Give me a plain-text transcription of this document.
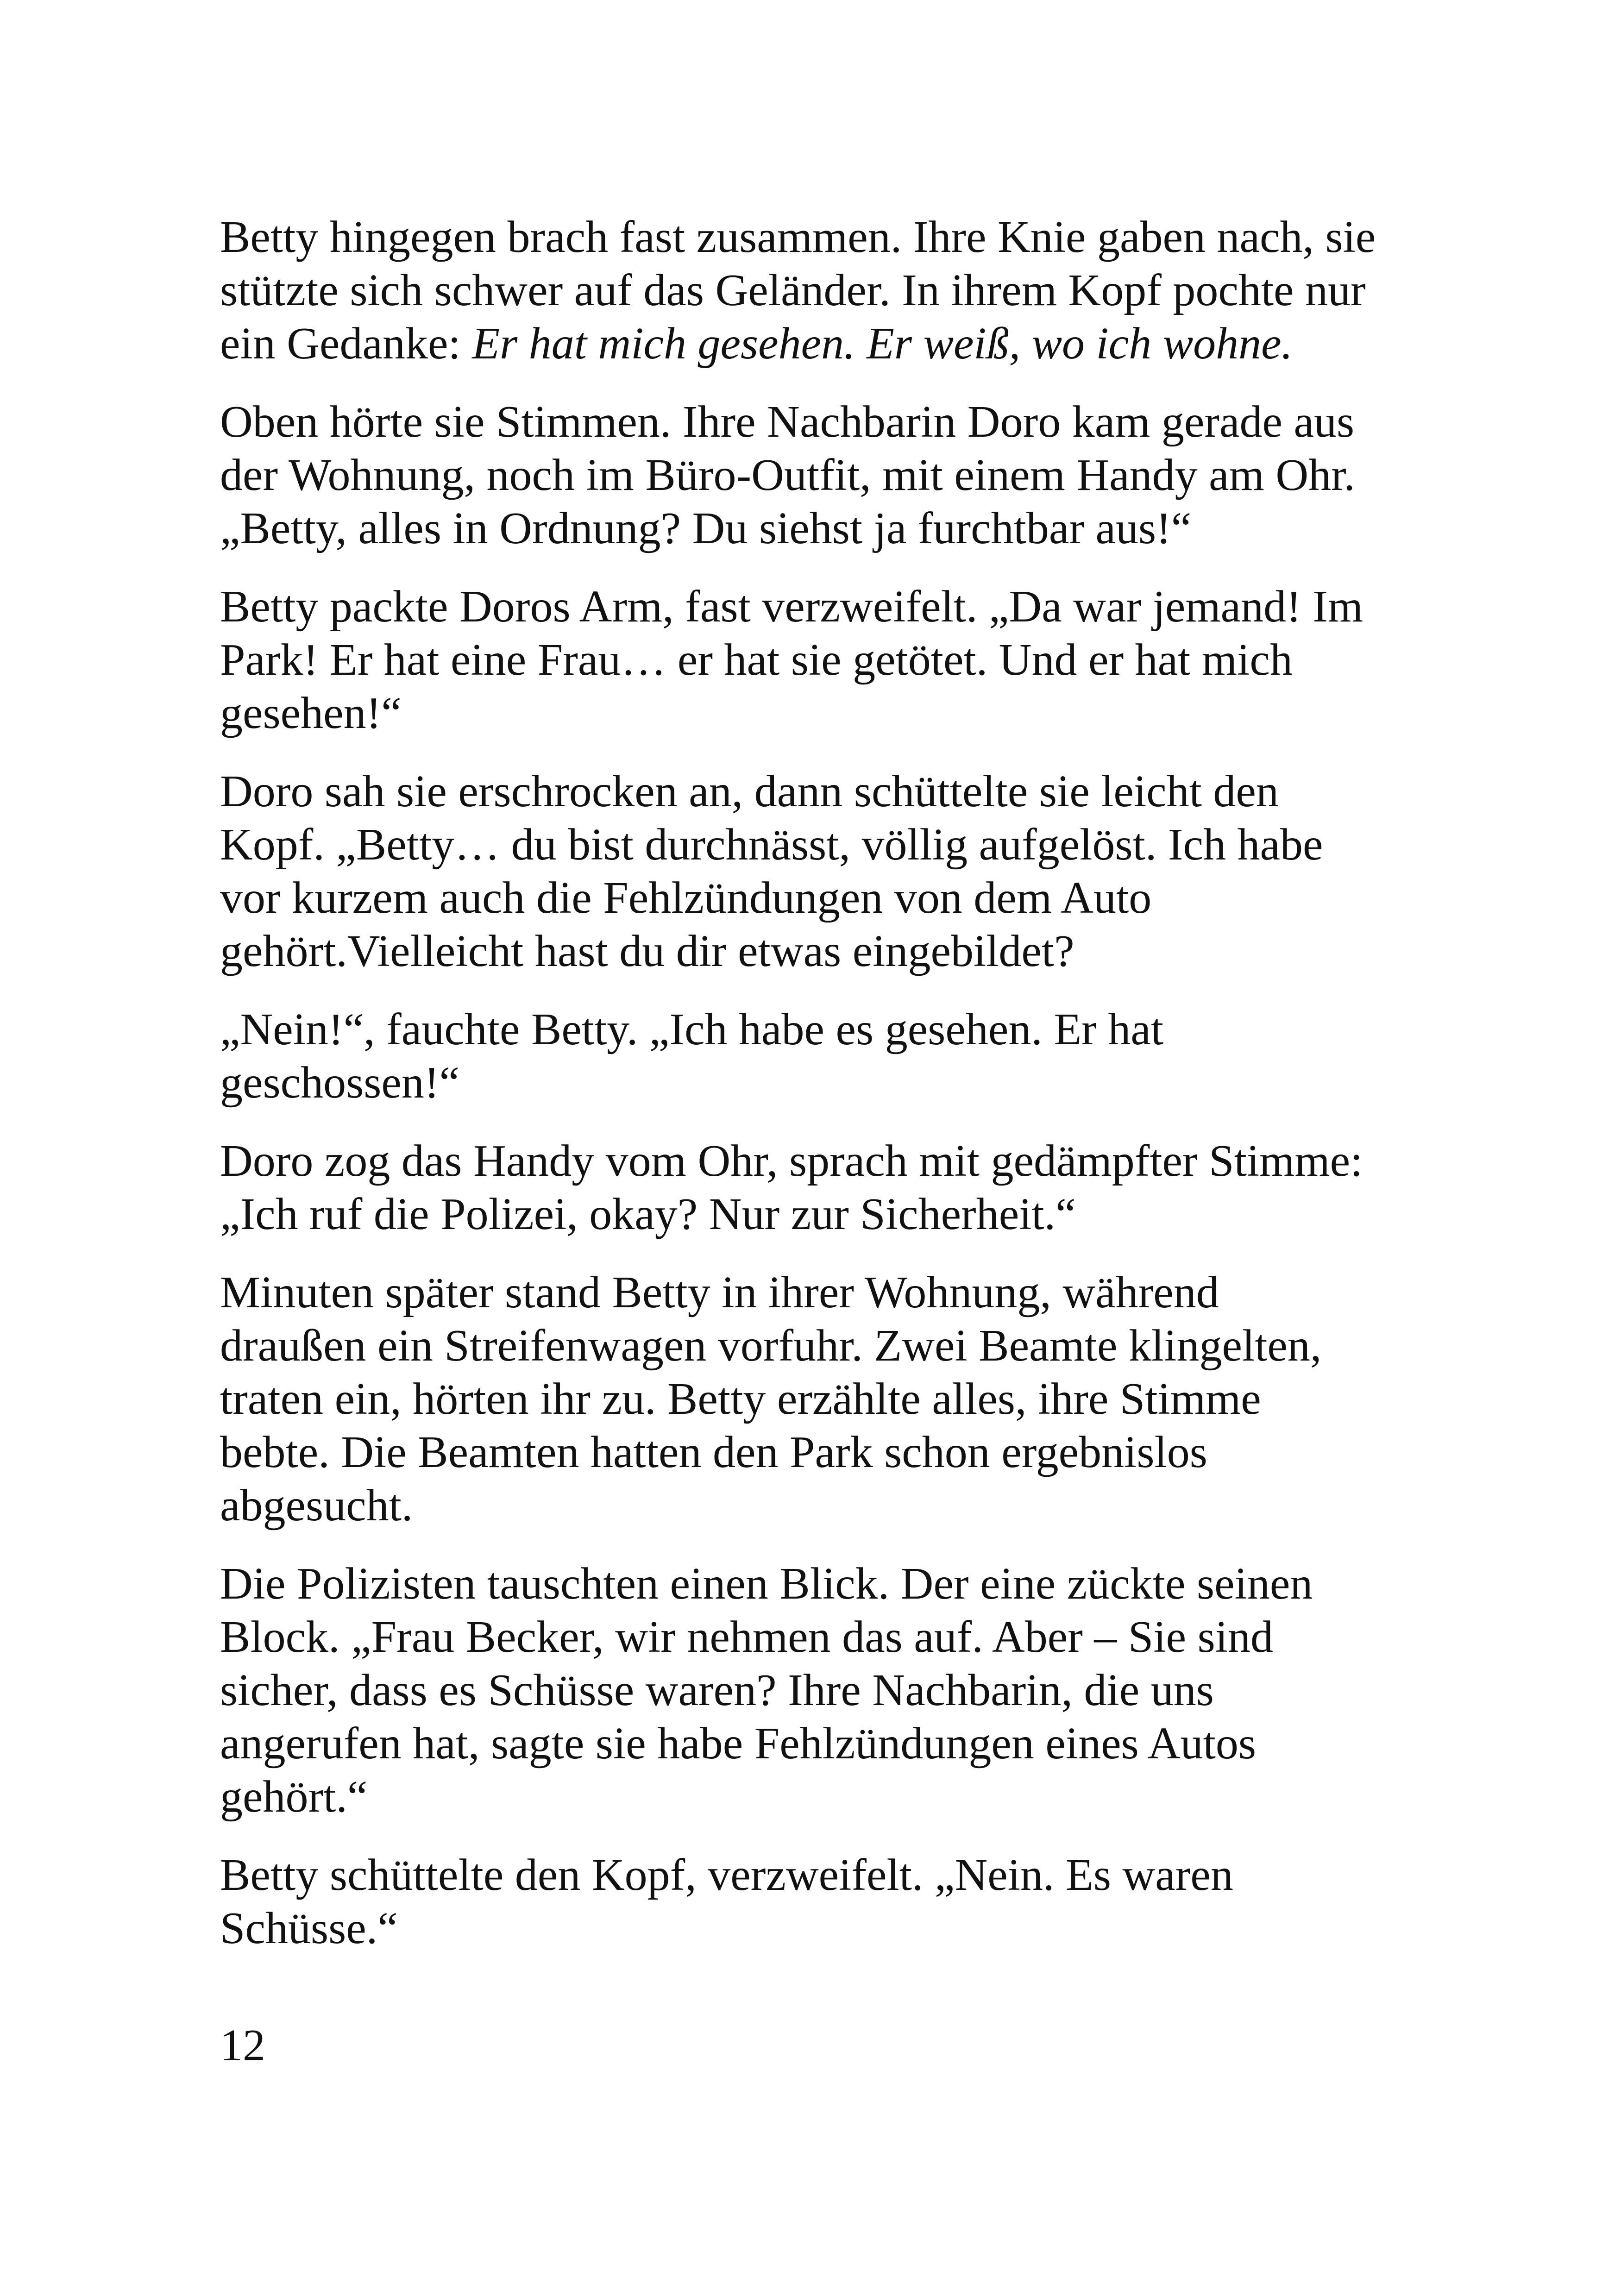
Betty hingegen brach fast zusammen. Ihre Knie gaben nach, sie
stützte sich schwer auf das Geländer. In ihrem Kopf pochte nur
ein Gedanke: Er hat mich gesehen. Er weiß, wo ich wohne.

Oben hörte sie Stimmen. Ihre Nachbarin Doro kam gerade aus
der Wohnung, noch im Büro-Outfit, mit einem Handy am Ohr.
„Betty, alles in Ordnung? Du siehst ja furchtbar aus!“

Betty packte Doros Arm, fast verzweifelt. „Da war jemand! Im
Park! Er hat eine Frau… er hat sie getötet. Und er hat mich
gesehen!“

Doro sah sie erschrocken an, dann schüttelte sie leicht den
Kopf. „Betty… du bist durchnässt, völlig aufgelöst. Ich habe
vor kurzem auch die Fehlzündungen von dem Auto
gehört.Vielleicht hast du dir etwas eingebildet?

„Nein!“, fauchte Betty. „Ich habe es gesehen. Er hat
geschossen!“

Doro zog das Handy vom Ohr, sprach mit gedämpfter Stimme:
„Ich ruf die Polizei, okay? Nur zur Sicherheit.“

Minuten später stand Betty in ihrer Wohnung, während
draußen ein Streifenwagen vorfuhr. Zwei Beamte klingelten,
traten ein, hörten ihr zu. Betty erzählte alles, ihre Stimme
bebte. Die Beamten hatten den Park schon ergebnislos
abgesucht.

Die Polizisten tauschten einen Blick. Der eine zückte seinen
Block. „Frau Becker, wir nehmen das auf. Aber – Sie sind
sicher, dass es Schüsse waren? Ihre Nachbarin, die uns
angerufen hat, sagte sie habe Fehlzündungen eines Autos
gehört.“

Betty schüttelte den Kopf, verzweifelt. „Nein. Es waren
Schüsse.“

12
